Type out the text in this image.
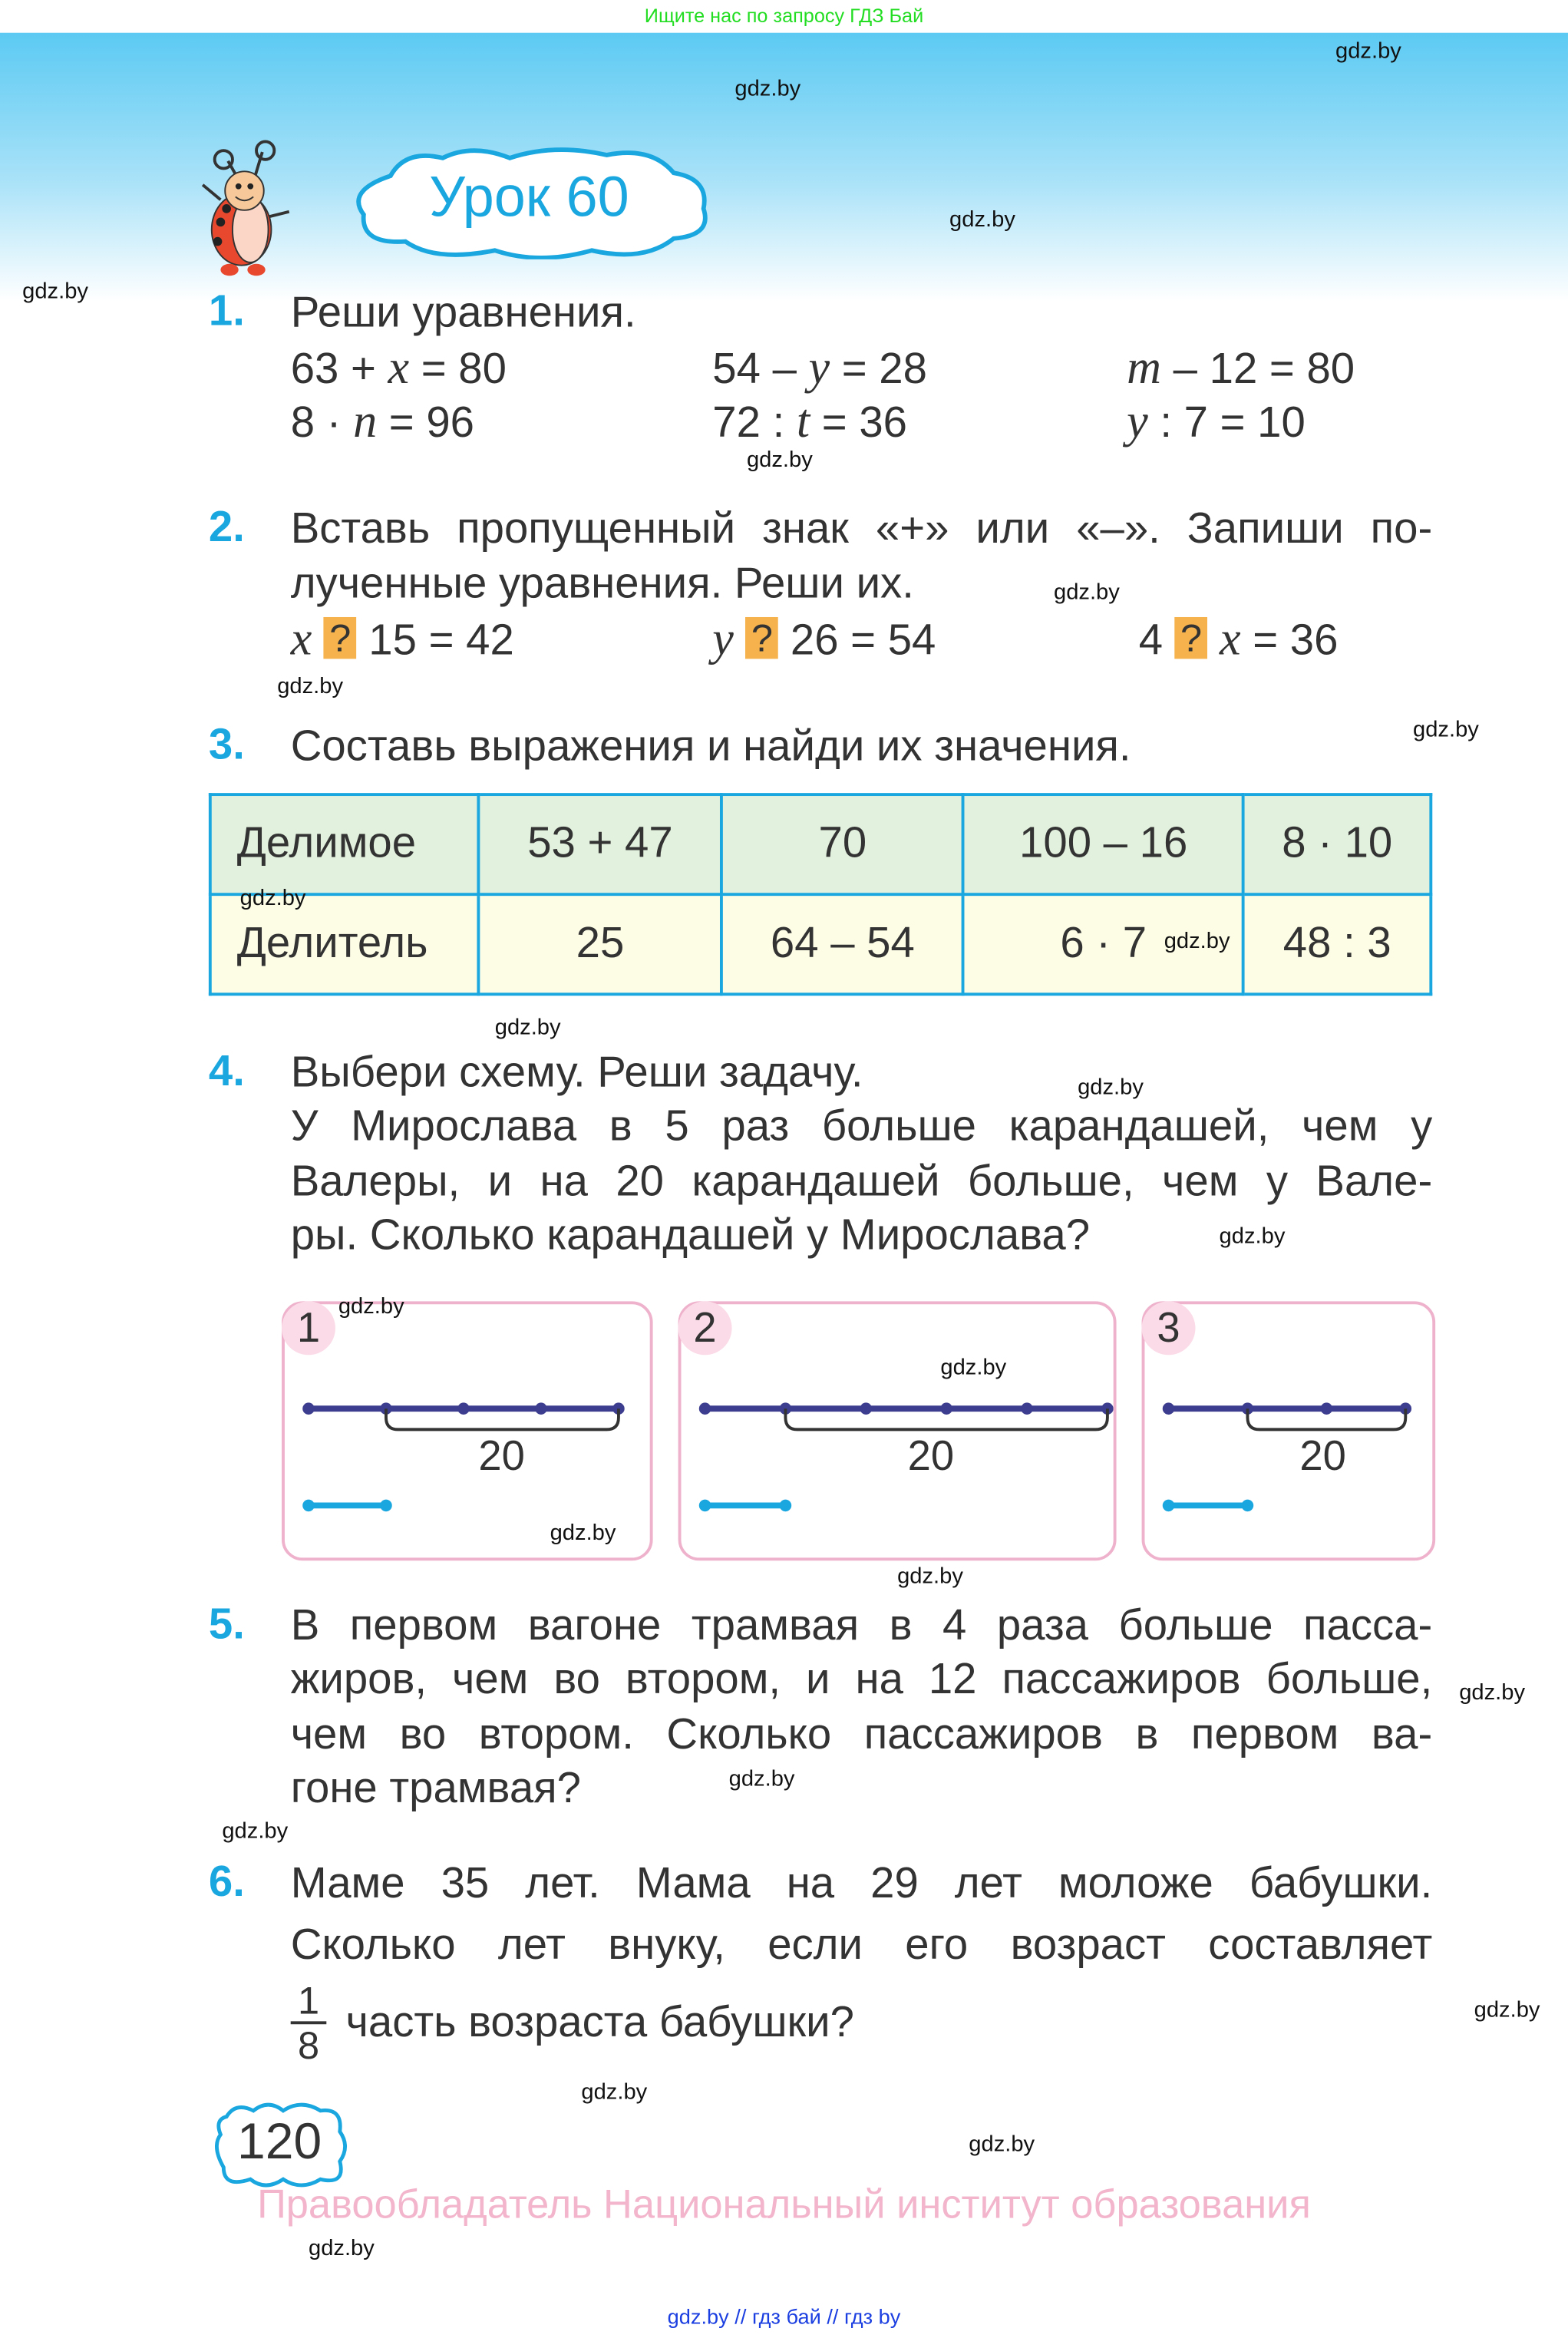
Ищите нас по запросу ГДЗ Бай
Урок 60
1. Реши уравнения.
63 + x = 80	54 – y = 28	m – 12 = 80
8 · n = 96	72 : t = 36	y : 7 = 10
2. Вставь пропущенный знак «+» или «–». Запиши по-
лученные уравнения. Реши их.
x ? 15 = 42	y ? 26 = 54	4 ? x = 36
3. Составь выражения и найди их значения.
Делимое	53 + 47	70	100 – 16	8 · 10
Делитель	25	64 – 54	6 · 7	48 : 3
4. Выбери схему. Реши задачу.
У Мирослава в 5 раз больше карандашей, чем у
Валеры, и на 20 карандашей больше, чем у Вале-
ры. Сколько карандашей у Мирослава?
1
20
2
20
3
20
5. В первом вагоне трамвая в 4 раза больше пасса-
жиров, чем во втором, и на 12 пассажиров больше,
чем во втором. Сколько пассажиров в первом ва-
гоне трамвая?
6. Маме 35 лет. Мама на 29 лет моложе бабушки.
Сколько лет внуку, если его возраст составляет
$\frac{1}{8}$ часть возраста бабушки?
120
Правообладатель Национальный институт образования
gdz.by // гдз бай // гдз by
gdz.by
gdz.by
gdz.by
gdz.by
gdz.by
gdz.by
gdz.by
gdz.by
gdz.by
gdz.by
gdz.by
gdz.by
gdz.by
gdz.by
gdz.by
gdz.by
gdz.by
gdz.by
gdz.by
gdz.by
gdz.by
gdz.by
gdz.by
gdz.by
